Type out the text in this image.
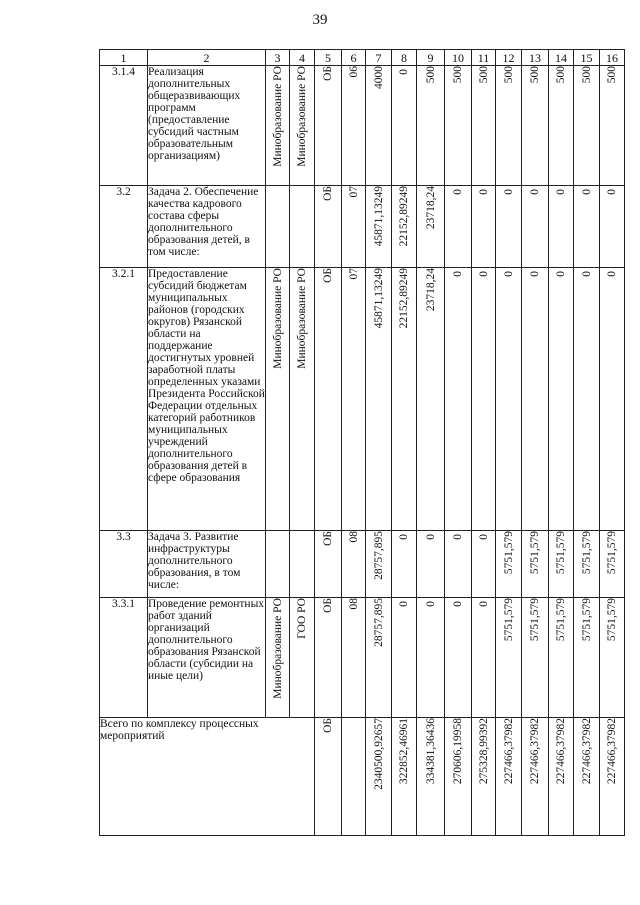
39
1	2	3	4	5	6	7	8	9	10	11	12	13	14	15	16
3.1.4	Реализация дополнительных общеразвивающих программ (предоставление субсидий частным образовательным организациям)	Минобразование РО	Минобразование РО	ОБ	06	4000	0	500	500	500	500	500	500	500	500
3.2	Задача 2. Обеспечение качества кадрового состава сферы дополнительного образования детей, в том числе:			ОБ	07	45871,13249	22152,89249	23718,24	0	0	0	0	0	0	0
3.2.1	Предоставление субсидий бюджетам муниципальных районов (городских округов) Рязанской области на поддержание достигнутых уровней заработной платы определенных указами Президента Российской Федерации отдельных категорий работников муниципальных учреждений дополнительного образования детей в сфере образования	Минобразование РО	Минобразование РО	ОБ	07	45871,13249	22152,89249	23718,24	0	0	0	0	0	0	0
3.3	Задача 3. Развитие инфраструктуры дополнительного образования, в том числе:			ОБ	08	28757,895	0	0	0	0	5751,579	5751,579	5751,579	5751,579	5751,579
3.3.1	Проведение ремонтных работ зданий организаций дополнительного образования Рязанской области (субсидии на иные цели)	Минобразование РО	ГОО РО	ОБ	08	28757,895	0	0	0	0	5751,579	5751,579	5751,579	5751,579	5751,579
Всего по комплексу процессных мероприятий				ОБ		2340500,92657	322852,46961	334381,36436	270606,19958	275328,99392	227466,37982	227466,37982	227466,37982	227466,37982	227466,37982
